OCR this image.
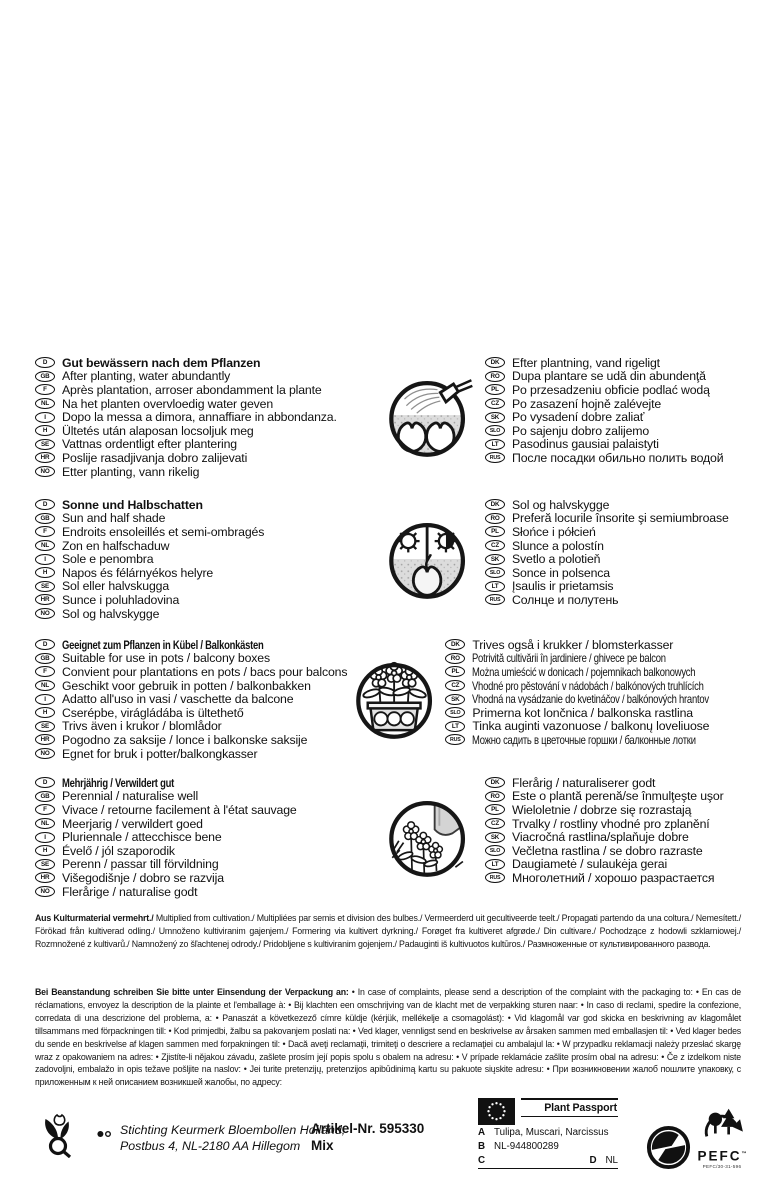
D	Gut bewässern nach dem Pflanzen
GB	After planting, water abundantly
F	Après plantation, arroser abondamment la plante
NL	Na het planten overvloedig water geven
I	Dopo la messa a dimora, annaffiare in abbondanza.
H	Ültetés után alaposan locsoljuk meg
SE	Vattnas ordentligt efter plantering
HR	Poslije rasadjivanja dobro zalijevati
NO	Etter planting, vann rikelig
DK	Efter plantning, vand rigeligt
RO	Dupa plantare se udă din abundenţă
PL	Po przesadzeniu obficie podlać wodą
CZ	Po zasazení hojně zalévejte
SK	Po vysadení dobre zaliať
SLO Po sajenju dobro zalijemo
LT	Pasodinus gausiai palaistyti
RUS После посадки обильно полить водой
D	Sonne und Halbschatten
GB	Sun and half shade
F	Endroits ensoleillés et semi-ombragés
NL	Zon en halfschaduw
I	Sole e penombra
H	Napos és félárnyékos helyre
SE	Sol eller halvskugga
HR	Sunce i poluhladovina
NO	Sol og halvskygge
DK	Sol og halvskygge
RO	Preferă locurile însorite şi semiumbroase
PL	Słońce i półcień
CZ	Slunce a polostín
SK	Svetlo a polotieň
SLO Sonce in polsenca
LT	Įsaulis ir prietamsis
RUS Солнце и полутень
D	Geeignet zum Pflanzen in Kübel / Balkonkästen
GB	Suitable for use in pots / balcony boxes
F	Convient pour plantations en pots / bacs pour balcons
NL	Geschikt voor gebruik in potten / balkonbakken
I	Adatto all'uso in vasi / vaschette da balcone
H	Cserépbe, virágládába is ültethető
SE	Trivs även i krukor / blomlådor
HR	Pogodno za saksije / lonce i balkonske saksije
NO	Egnet for bruk i potter/balkongkasser
DK	Trives også i krukker / blomsterkasser
RO	Potrivită cultivării în jardiniere / ghivece pe balcon
PL	Można umieścić w donicach / pojemnikach balkonowych
CZ	Vhodné pro pěstování v nádobách / balkónových truhlících
SK	Vhodná na vysádzanie do kvetináčov / balkónových hrantov
SLO Primerna kot lončnica / balkonska rastlina
LT	Tinka auginti vazonuose / balkonų loveliuose
RUS Можно садить в цветочные горшки / балконные лотки
D	Mehrjährig / Verwildert gut
GB	Perennial / naturalise well
F	Vivace / retourne facilement à l'état sauvage
NL	Meerjarig / verwildert goed
I	Pluriennale / attecchisce bene
H	Évelő / jól szaporodik
SE	Perenn / passar till förvildning
HR	Višegodišnje / dobro se razvija
NO	Flerårige / naturalise godt
DK	Flerårig / naturaliserer godt
RO	Este o plantă perenă/se înmulţeşte uşor
PL	Wieloletnie / dobrze się rozrastają
CZ	Trvalky / rostliny vhodné pro zplanění
SK	Viacročná rastlina/splaňuje dobre
SLO Večletna rastlina / se dobro razraste
LT	Daugiametė / sulaukėja gerai
RUS Многолетний / хорошо разрастается

Aus Kulturmaterial vermehrt./ Multiplied from cultivation./ Multipliées par semis et division des bulbes./ Vermeerderd uit gecultiveerde teelt./ Propagati partendo da una coltura./ Nemesített./ Förökad från kultiverad odling./ Umnoženo kultiviranim gajenjem./ Formering via kultivert dyrkning./ Forøget fra kultiveret afgrøde./ Din cultivare./ Pochodzące z hodowli szklarniowej./ Rozmnožené z kultivarů./ Namnožený zo šľachtenej odrody./ Pridobljene s kultiviranim gojenjem./ Padauginti iš kultivuotos kultūros./ Размноженные от культивированного развода.

Bei Beanstandung schreiben Sie bitte unter Einsendung der Verpackung an: • In case of complaints, please send a description of the complaint with the packaging to: • En cas de réclamations, envoyez la description de la plainte et l'emballage à: • Bij klachten een omschrijving van de klacht met de verpakking sturen naar: • In caso di reclami, spedire la confezione, corredata di una descrizione del problema, a: • Panaszát a következező címre küldje (kérjük, mellékelje a csomagolást): • Vid klagomål var god skicka en beskrivning av klagomålet tillsammans med förpackningen till: • Kod primjedbi, žalbu sa pakovanjem poslati na: • Ved klager, vennligst send en beskrivelse av årsaken sammen med emballasjen til: • Ved klager bedes du sende en beskrivelse af klagen sammen med forpakningen til: • Dacă aveţi reclamaţii, trimiteţi o descriere a reclamaţiei cu ambalajul la: • W przypadku reklamacji należy przesłać skargę wraz z opakowaniem na adres: • Zjistíte-li nějakou závadu, zašlete prosím její popis spolu s obalem na adresu: • V prípade reklamácie zašlite prosím obal na adresu: • Če z izdelkom niste zadovoljni, embalažo in opis težave pošljite na naslov: • Jei turite pretenzijų, pretenzijos apibūdinimą kartu su pakuote siųskite adresu: • При возникновении жалоб пошлите упаковку, с приложенным к ней описанием возникшей жалобы, по адресу:

Stichting Keurmerk Bloembollen Holland,
Postbus 4, NL-2180 AA Hillegom
Artikel-Nr. 595330
Mix
Plant Passport
A Tulipa, Muscari, Narcissus
B NL-944800289
C	D NL	PEFC™
PEFC/30-31-596
